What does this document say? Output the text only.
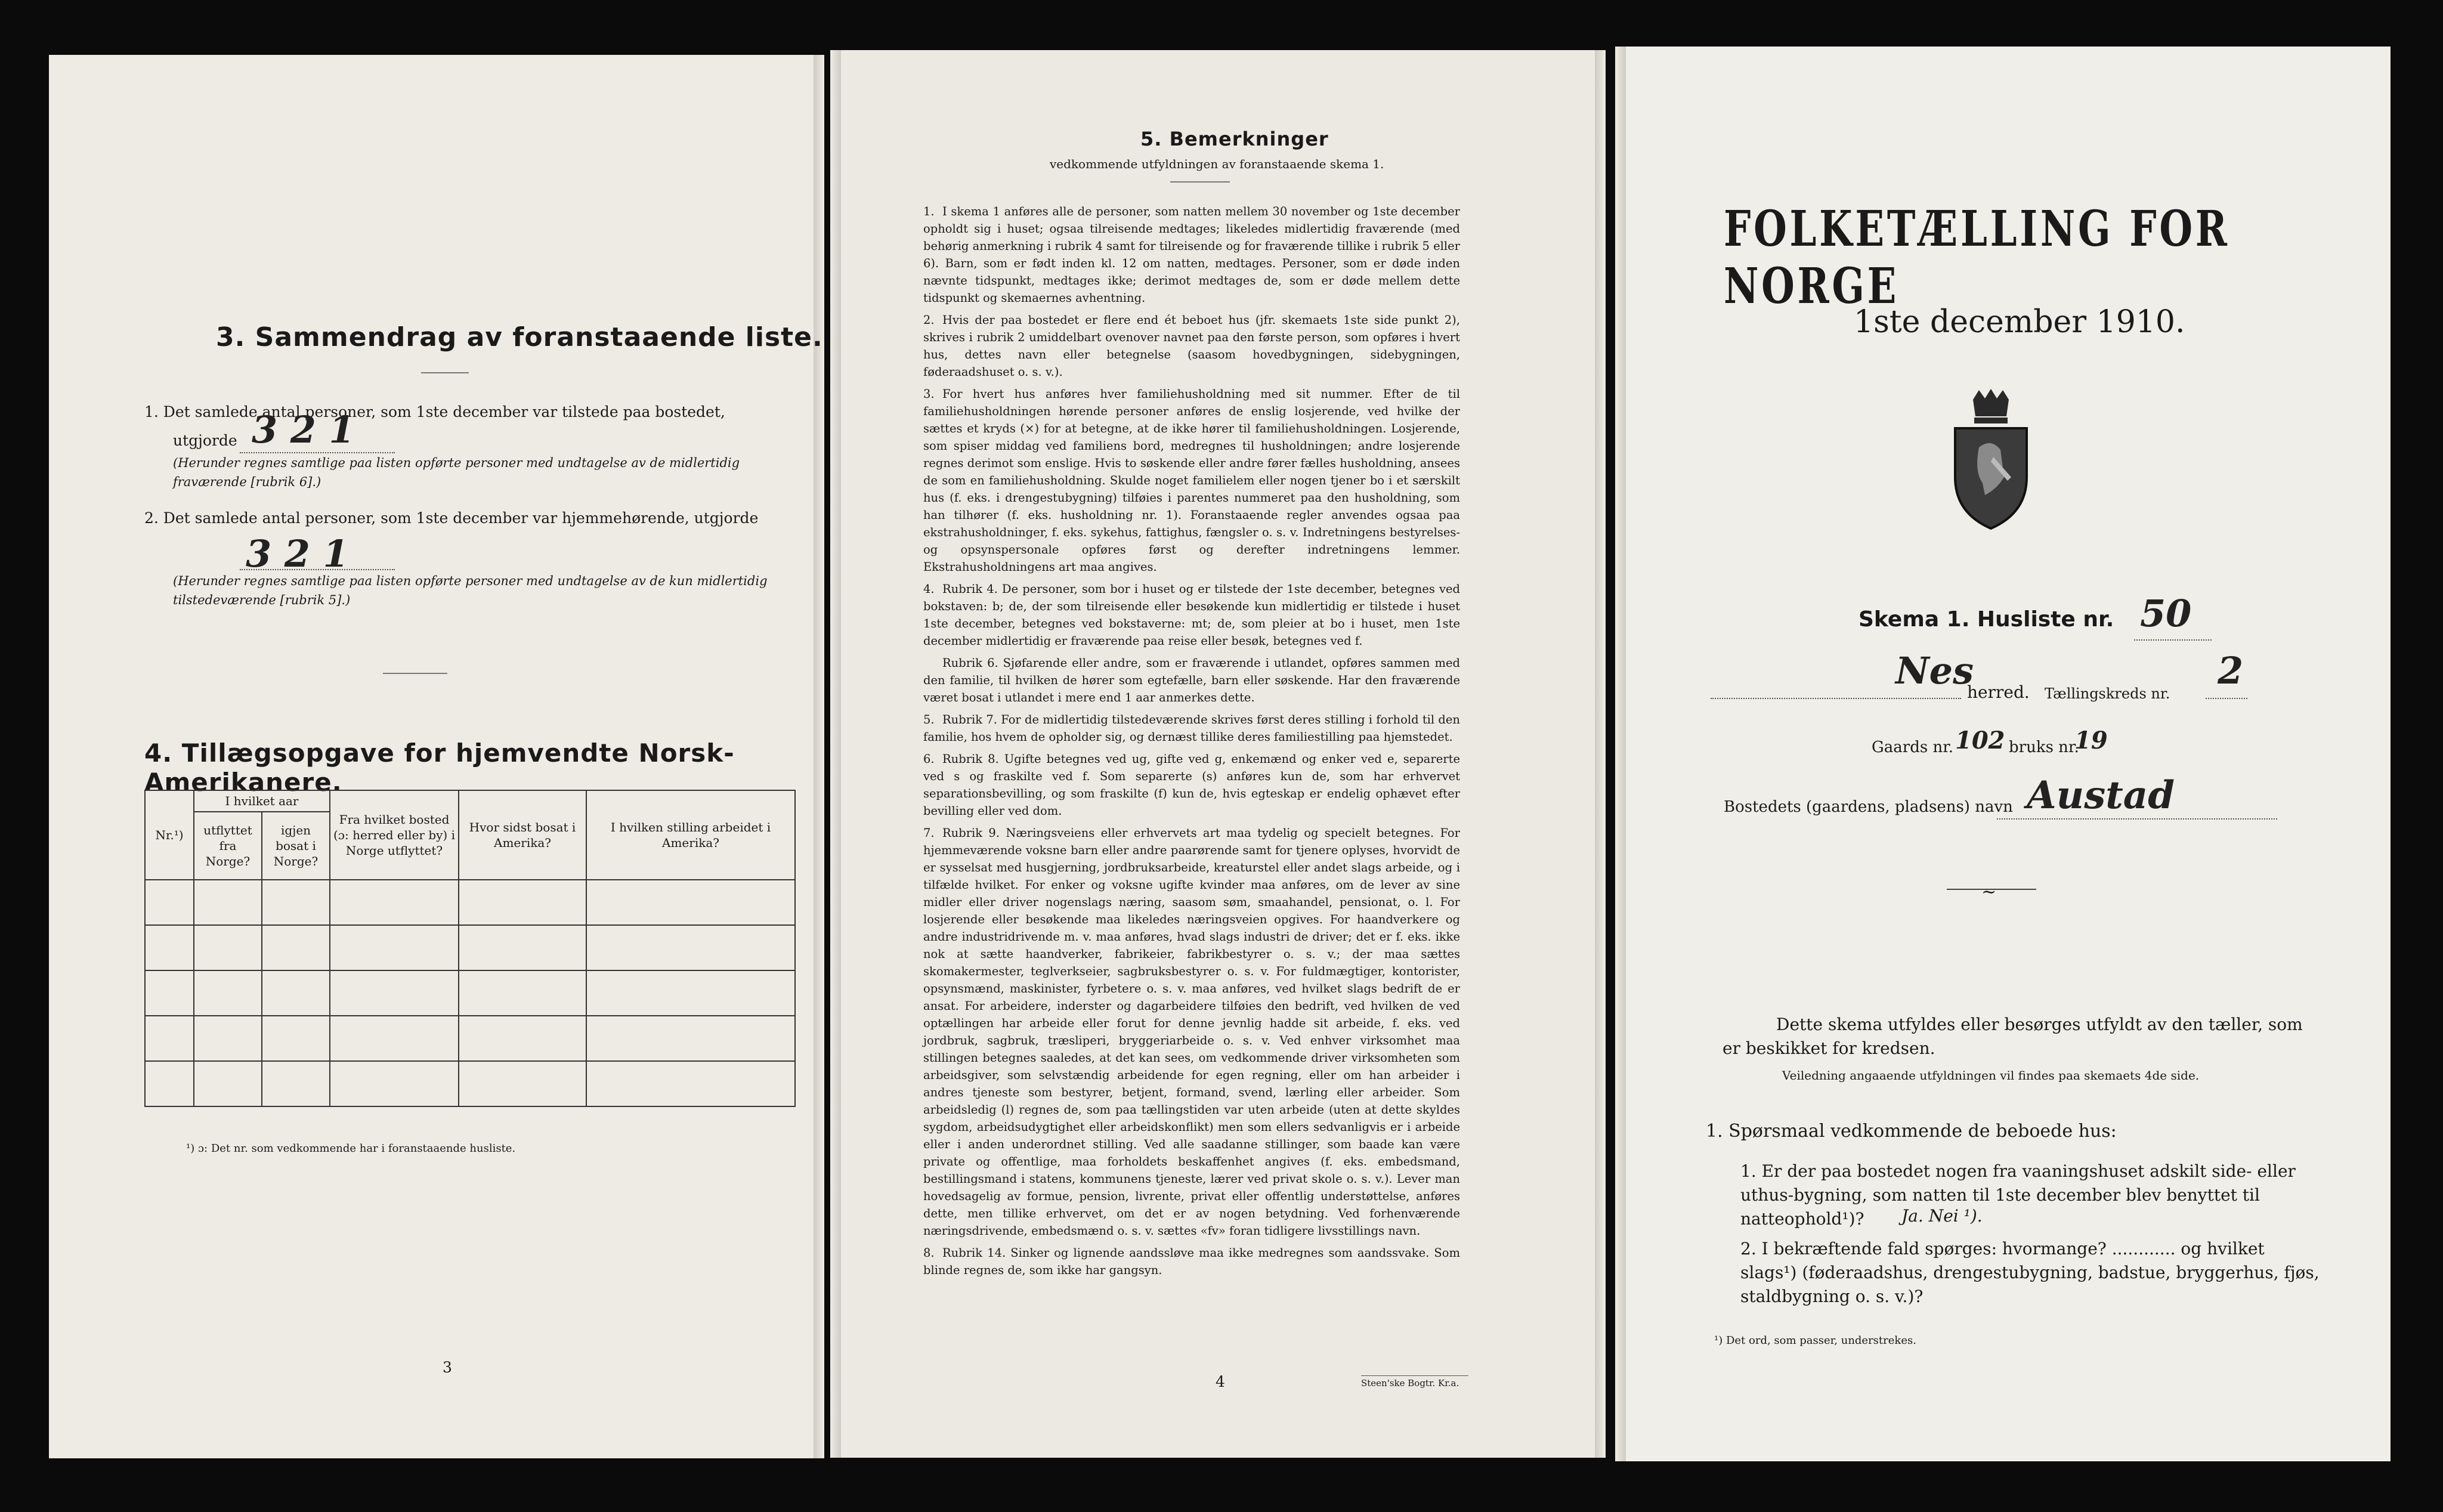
3. Sammendrag av foranstaaende liste.
1. Det samlede antal personer, som 1ste december var tilstede paa bostedet,
utgjorde 3 2 1
(Herunder regnes samtlige paa listen opførte personer med undtagelse av de midlertidig fraværende [rubrik 6].)
2. Det samlede antal personer, som 1ste december var hjemmehørende, utgjorde
3 2 1
(Herunder regnes samtlige paa listen opførte personer med undtagelse av de kun midlertidig tilstedeværende [rubrik 5].)
4. Tillægsopgave for hjemvendte Norsk-Amerikanere.
Nr.¹)	I hvilket aar		Fra hvilket bosted (ɔ: herred eller by) i Norge utflyttet?	Hvor sidst bosat i Amerika?	I hvilken stilling arbeidet i Amerika?
	utflyttet fra Norge?	igjen bosat i Norge?			

¹) ɔ: Det nr. som vedkommende har i foranstaaende husliste.
3
5. Bemerkninger
vedkommende utfyldningen av foranstaaende skema 1.

1. I skema 1 anføres alle de personer, som natten mellem 30 november og 1ste december opholdt sig i huset; ogsaa tilreisende medtages; likeledes midlertidig fraværende (med behørig anmerkning i rubrik 4 samt for tilreisende og for fraværende tillike i rubrik 5 eller 6). Barn, som er født inden kl. 12 om natten, medtages. Personer, som er døde inden nævnte tidspunkt, medtages ikke; derimot medtages de, som er døde mellem dette tidspunkt og skemaernes avhentning.

2. Hvis der paa bostedet er flere end ét beboet hus (jfr. skemaets 1ste side punkt 2), skrives i rubrik 2 umiddelbart ovenover navnet paa den første person, som opføres i hvert hus, dettes navn eller betegnelse (saasom hovedbygningen, sidebygningen, føderaadshuset o. s. v.).

3. For hvert hus anføres hver familiehusholdning med sit nummer. Efter de til familiehusholdningen hørende personer anføres de enslig losjerende, ved hvilke der sættes et kryds (×) for at betegne, at de ikke hører til familiehusholdningen. Losjerende, som spiser middag ved familiens bord, medregnes til husholdningen; andre losjerende regnes derimot som enslige. Hvis to søskende eller andre fører fælles husholdning, ansees de som en familiehusholdning. Skulde noget familielem eller nogen tjener bo i et særskilt hus (f. eks. i drengestubygning) tilføies i parentes nummeret paa den husholdning, som han tilhører (f. eks. husholdning nr. 1). Foranstaaende regler anvendes ogsaa paa ekstrahusholdninger, f. eks. sykehus, fattighus, fængsler o. s. v. Indretningens bestyrelses- og opsynspersonale opføres først og derefter indretningens lemmer. Ekstrahusholdningens art maa angives.

4. Rubrik 4. De personer, som bor i huset og er tilstede der 1ste december, betegnes ved bokstaven: b; de, der som tilreisende eller besøkende kun midlertidig er tilstede i huset 1ste december, betegnes ved bokstaverne: mt; de, som pleier at bo i huset, men 1ste december midlertidig er fraværende paa reise eller besøk, betegnes ved f.

Rubrik 6. Sjøfarende eller andre, som er fraværende i utlandet, opføres sammen med den familie, til hvilken de hører som egtefælle, barn eller søskende. Har den fraværende været bosat i utlandet i mere end 1 aar anmerkes dette.

5. Rubrik 7. For de midlertidig tilstedeværende skrives først deres stilling i forhold til den familie, hos hvem de opholder sig, og dernæst tillike deres familiestilling paa hjemstedet.

6. Rubrik 8. Ugifte betegnes ved ug, gifte ved g, enkemænd og enker ved e, separerte ved s og fraskilte ved f. Som separerte (s) anføres kun de, som har erhvervet separationsbevilling, og som fraskilte (f) kun de, hvis egteskap er endelig ophævet efter bevilling eller ved dom.

7. Rubrik 9. Næringsveiens eller erhvervets art maa tydelig og specielt betegnes. For hjemmeværende voksne barn eller andre paarørende samt for tjenere oplyses, hvorvidt de er sysselsat med husgjerning, jordbruksarbeide, kreaturstel eller andet slags arbeide, og i tilfælde hvilket. For enker og voksne ugifte kvinder maa anføres, om de lever av sine midler eller driver nogenslags næring, saasom søm, smaahandel, pensionat, o. l. For losjerende eller besøkende maa likeledes næringsveien opgives. For haandverkere og andre industridrivende m. v. maa anføres, hvad slags industri de driver; det er f. eks. ikke nok at sætte haandverker, fabrikeier, fabrikbestyrer o. s. v.; der maa sættes skomakermester, teglverkseier, sagbruksbestyrer o. s. v. For fuldmægtiger, kontorister, opsynsmænd, maskinister, fyrbetere o. s. v. maa anføres, ved hvilket slags bedrift de er ansat. For arbeidere, inderster og dagarbeidere tilføies den bedrift, ved hvilken de ved optællingen har arbeide eller forut for denne jevnlig hadde sit arbeide, f. eks. ved jordbruk, sagbruk, træsliperi, bryggeriarbeide o. s. v. Ved enhver virksomhet maa stillingen betegnes saaledes, at det kan sees, om vedkommende driver virksomheten som arbeidsgiver, som selvstændig arbeidende for egen regning, eller om han arbeider i andres tjeneste som bestyrer, betjent, formand, svend, lærling eller arbeider. Som arbeidsledig (l) regnes de, som paa tællingstiden var uten arbeide (uten at dette skyldes sygdom, arbeidsudygtighet eller arbeidskonflikt) men som ellers sedvanligvis er i arbeide eller i anden underordnet stilling. Ved alle saadanne stillinger, som baade kan være private og offentlige, maa forholdets beskaffenhet angives (f. eks. embedsmand, bestillingsmand i statens, kommunens tjeneste, lærer ved privat skole o. s. v.). Lever man hovedsagelig av formue, pension, livrente, privat eller offentlig understøttelse, anføres dette, men tillike erhvervet, om det er av nogen betydning. Ved forhenværende næringsdrivende, embedsmænd o. s. v. sættes «fv» foran tidligere livsstillings navn.

8. Rubrik 14. Sinker og lignende aandssløve maa ikke medregnes som aandssvake. Som blinde regnes de, som ikke har gangsyn.

4	Steen'ske Bogtr. Kr.a.
FOLKETÆLLING FOR NORGE
1ste december 1910.
Skema 1. Husliste nr. 50
Nes
herred. Tællingskreds nr.
2
Gaards nr. 102 bruks nr.
19
Bostedets (gaardens, pladsens) navn Austad
~
Dette skema utfyldes eller besørges utfyldt av den tæller, som er beskikket for kredsen.
Veiledning angaaende utfyldningen vil findes paa skemaets 4de side.
1. Spørsmaal vedkommende de beboede hus:
1. Er der paa bostedet nogen fra vaaningshuset adskilt side- eller uthus-bygning, som natten til 1ste december blev benyttet til natteophold¹)?	Ja. Nei ¹).
2. I bekræftende fald spørges: hvormange? ............ og hvilket slags¹) (føderaadshus, drengestubygning, badstue, bryggerhus, fjøs, staldbygning o. s. v.)?
¹) Det ord, som passer, understrekes.
